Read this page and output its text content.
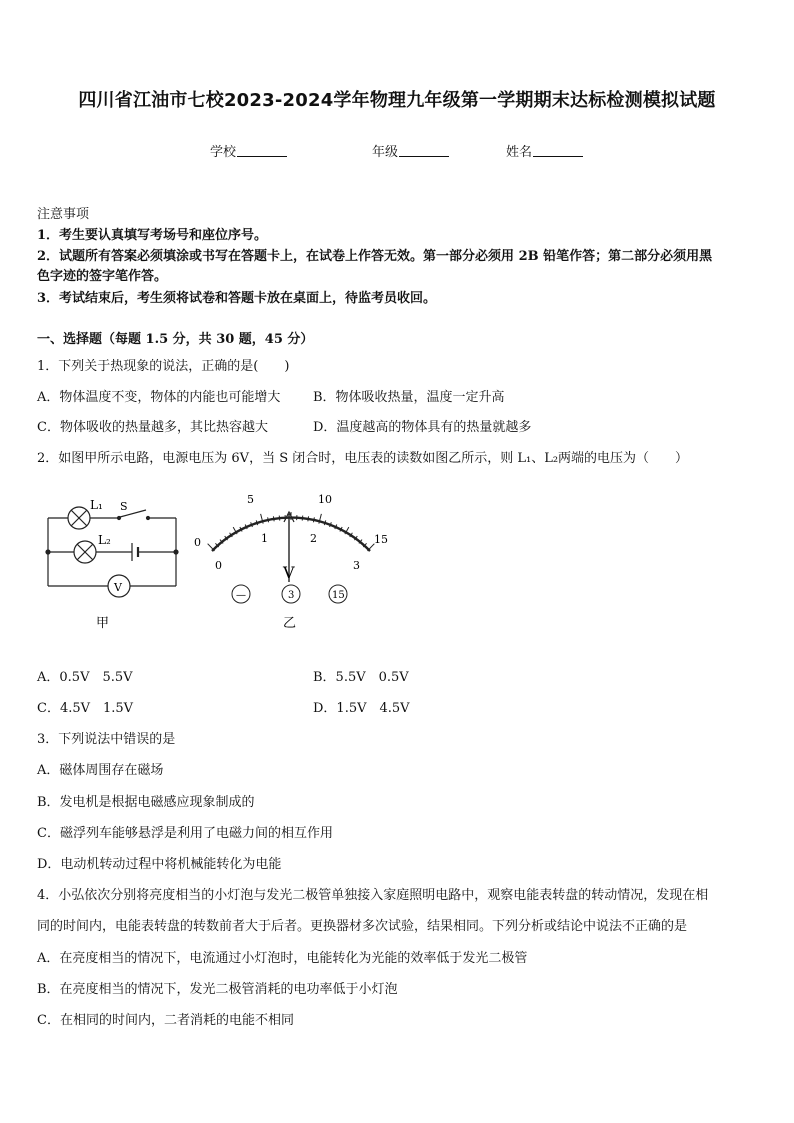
四川省江油市七校2023-2024学年物理九年级第一学期期末达标检测模拟试题
学校	年级	姓名
注意事项
1．考生要认真填写考场号和座位序号。
2．试题所有答案必须填涂或书写在答题卡上，在试卷上作答无效。第一部分必须用 2B 铅笔作答；第二部分必须用黑
色字迹的签字笔作答。
3．考试结束后，考生须将试卷和答题卡放在桌面上，待监考员收回。
一、选择题（每题 1.5 分，共 30 题，45 分）
1．下列关于热现象的说法，正确的是(　　)
A．物体温度不变，物体的内能也可能增大	B．物体吸收热量，温度一定升高
C．物体吸收的热量越多，其比热容越大	D．温度越高的物体具有的热量就越多
2．如图甲所示电路，电源电压为 6V，当 S 闭合时，电压表的读数如图乙所示，则 L₁、L₂两端的电压为（　　）
L₁ S
L₂
V
甲
5	10
0	15
0
1	2
3
V
—	3	15
乙
A．0.5V　5.5V	B．5.5V　0.5V
C．4.5V　1.5V	D．1.5V　4.5V
3．下列说法中错误的是
A．磁体周围存在磁场
B．发电机是根据电磁感应现象制成的
C．磁浮列车能够悬浮是利用了电磁力间的相互作用
D．电动机转动过程中将机械能转化为电能
4．小弘依次分别将亮度相当的小灯泡与发光二极管单独接入家庭照明电路中，观察电能表转盘的转动情况，发现在相
同的时间内，电能表转盘的转数前者大于后者。更换器材多次试验，结果相同。下列分析或结论中说法不正确的是
A．在亮度相当的情况下，电流通过小灯泡时，电能转化为光能的效率低于发光二极管
B．在亮度相当的情况下，发光二极管消耗的电功率低于小灯泡
C．在相同的时间内，二者消耗的电能不相同
